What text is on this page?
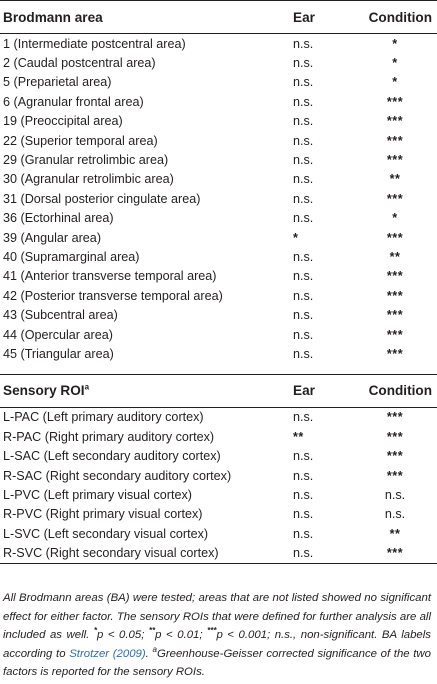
Brodmann area	Ear	Condition
1 (Intermediate postcentral area)	n.s.	*
2 (Caudal postcentral area)	n.s.	*
5 (Preparietal area)	n.s.	*
6 (Agranular frontal area)	n.s.	***
19 (Preoccipital area)	n.s.	***
22 (Superior temporal area)	n.s.	***
29 (Granular retrolimbic area)	n.s.	***
30 (Agranular retrolimbic area)	n.s.	**
31 (Dorsal posterior cingulate area)	n.s.	***
36 (Ectorhinal area)	n.s.	*
39 (Angular area)	*	***
40 (Supramarginal area)	n.s.	**
41 (Anterior transverse temporal area)	n.s.	***
42 (Posterior transverse temporal area)	n.s.	***
43 (Subcentral area)	n.s.	***
44 (Opercular area)	n.s.	***
45 (Triangular area)	n.s.	***

Sensory ROI$^a$	Ear	Condition
L-PAC (Left primary auditory cortex)	n.s.	***
R-PAC (Right primary auditory cortex)	**	***
L-SAC (Left secondary auditory cortex)	n.s.	***
R-SAC (Right secondary auditory cortex)	n.s.	***
L-PVC (Left primary visual cortex)	n.s.	n.s.
R-PVC (Right primary visual cortex)	n.s.	n.s.
L-SVC (Left secondary visual cortex)	n.s.	**
R-SVC (Right secondary visual cortex)	n.s.	***

All Brodmann areas (BA) were tested; areas that are not listed showed no significant effect for either factor. The sensory ROIs that were defined for further analysis are all included as well. *p < 0.05; **p < 0.01; ***p < 0.001; n.s., non-significant. BA labels according to Strotzer (2009). $^a$Greenhouse-Geisser corrected significance of the two factors is reported for the sensory ROIs.
